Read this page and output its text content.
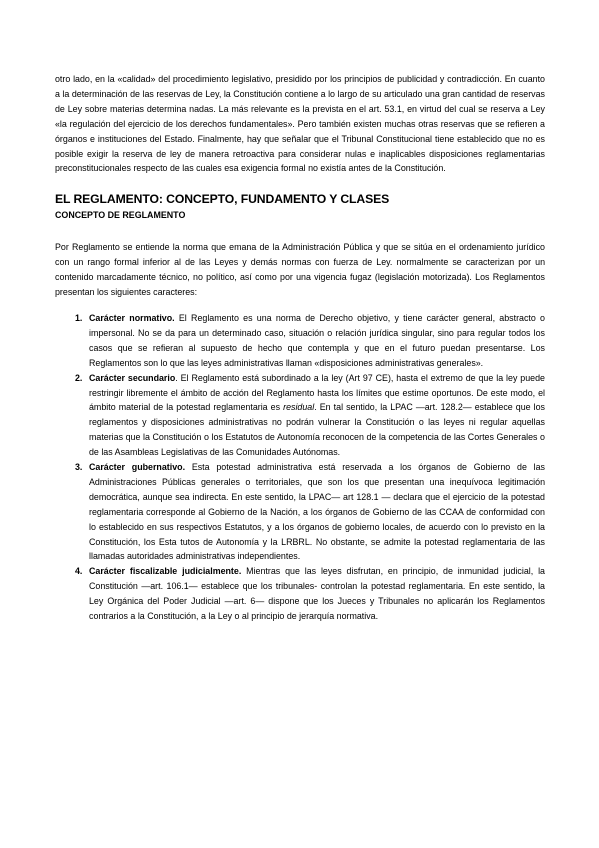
otro lado, en la «calidad» del procedimiento legislativo, presidido por los principios de publicidad y contradicción. En cuanto a la determinación de las reservas de Ley, la Constitución contiene a lo largo de su articulado una gran cantidad de reservas de Ley sobre materias determina nadas. La más relevante es la prevista en el art. 53.1, en virtud del cual se reserva a Ley «la regulación del ejercicio de los derechos fundamentales». Pero también existen muchas otras reservas que se refieren a órganos e instituciones del Estado. Finalmente, hay que señalar que el Tribunal Constitucional tiene establecido que no es posible exigir la reserva de ley de manera retroactiva para considerar nulas e inaplicables disposiciones reglamentarias preconstitucionales respecto de las cuales esa exigencia formal no existía antes de la Constitución.

EL REGLAMENTO: CONCEPTO, FUNDAMENTO Y CLASES
CONCEPTO DE REGLAMENTO

Por Reglamento se entiende la norma que emana de la Administración Pública y que se sitúa en el ordenamiento jurídico con un rango formal inferior al de las Leyes y demás normas con fuerza de Ley. normalmente se caracterizan por un contenido marcadamente técnico, no político, así como por una vigencia fugaz (legislación motorizada). Los Reglamentos presentan los siguientes caracteres:

1. Carácter normativo. El Reglamento es una norma de Derecho objetivo, y tiene carácter general, abstracto o impersonal. No se da para un determinado caso, situación o relación jurídica singular, sino para regular todos los casos que se refieran al supuesto de hecho que contempla y que en el futuro puedan presentarse. Los Reglamentos son lo que las leyes administrativas llaman «disposiciones administrativas generales».

2. Carácter secundario. El Reglamento está subordinado a la ley (Art 97 CE), hasta el extremo de que la ley puede restringir libremente el ámbito de acción del Reglamento hasta los límites que estime oportunos. De este modo, el ámbito material de la potestad reglamentaria es residual. En tal sentido, la LPAC —art. 128.2— establece que los reglamentos y disposiciones administrativas no podrán vulnerar la Constitución o las leyes ni regular aquellas materias que la Constitución o los Estatutos de Autonomía reconocen de la competencia de las Cortes Generales o de las Asambleas Legislativas de las Comunidades Autónomas.

3. Carácter gubernativo. Esta potestad administrativa está reservada a los órganos de Gobierno de las Administraciones Públicas generales o territoriales, que son los que presentan una inequívoca legitimación democrática, aunque sea indirecta. En este sentido, la LPAC— art 128.1 — declara que el ejercicio de la potestad reglamentaria corresponde al Gobierno de la Nación, a los órganos de Gobierno de las CCAA de conformidad con lo establecido en sus respectivos Estatutos, y a los órganos de gobierno locales, de acuerdo con lo previsto en la Constitución, los Esta tutos de Autonomía y la LRBRL. No obstante, se admite la potestad reglamentaria de las llamadas autoridades administrativas independientes.

4. Carácter fiscalizable judicialmente. Mientras que las leyes disfrutan, en principio, de inmunidad judicial, la Constitución —art. 106.1— establece que los tribunales- controlan la potestad reglamentaria. En este sentido, la Ley Orgánica del Poder Judicial —art. 6— dispone que los Jueces y Tribunales no aplicarán los Reglamentos contrarios a la Constitución, a la Ley o al principio de jerarquía normativa.
